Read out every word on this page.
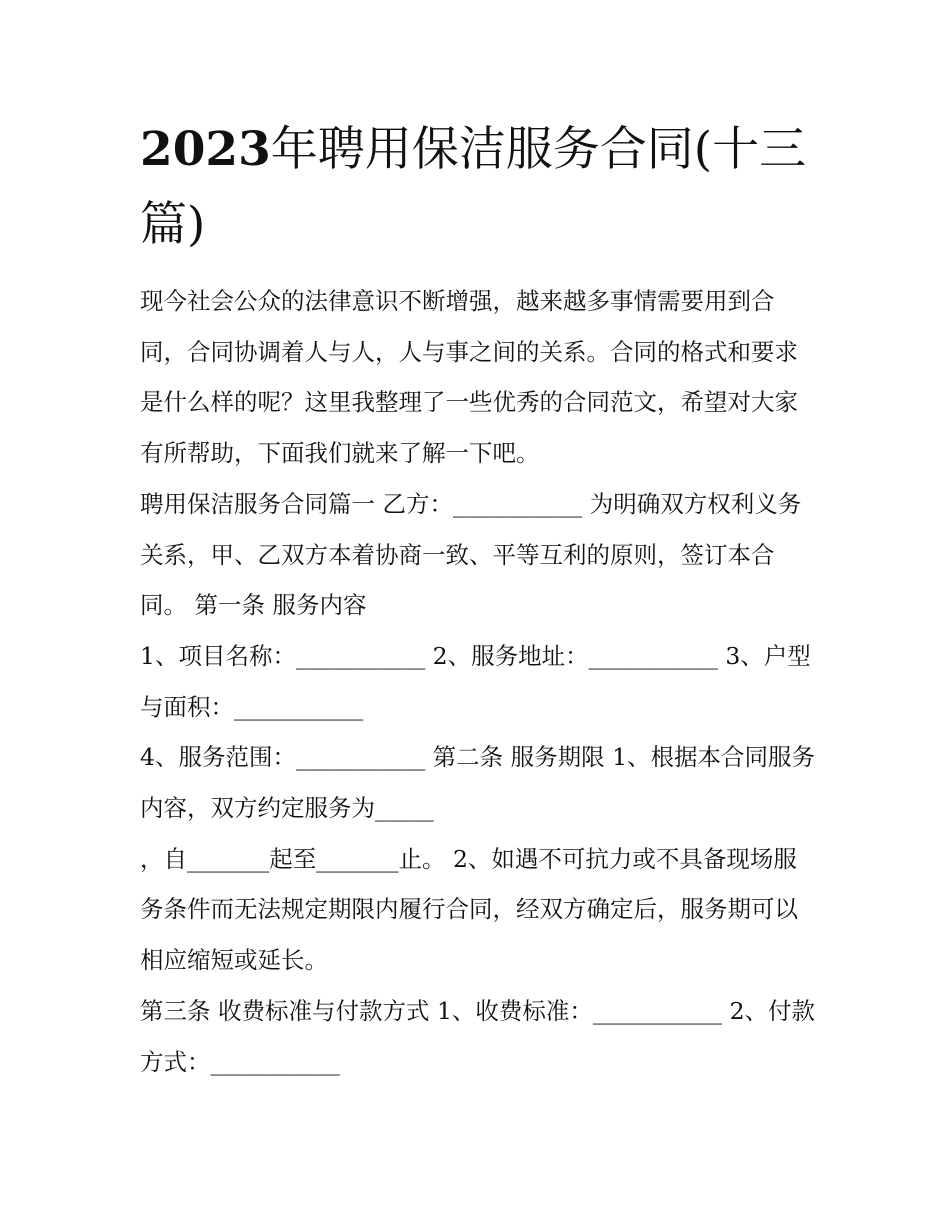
2023年聘用保洁服务合同(十三篇)

现今社会公众的法律意识不断增强，越来越多事情需要用到合同，合同协调着人与人，人与事之间的关系。合同的格式和要求是什么样的呢？这里我整理了一些优秀的合同范文，希望对大家有所帮助，下面我们就来了解一下吧。

聘用保洁服务合同篇一 乙方：___________ 为明确双方权利义务关系，甲、乙双方本着协商一致、平等互利的原则，签订本合同。 第一条 服务内容

1、项目名称：___________ 2、服务地址：___________ 3、户型与面积：___________

4、服务范围：___________ 第二条 服务期限 1、根据本合同服务内容，双方约定服务为_____

，自_______起至_______止。 2、如遇不可抗力或不具备现场服务条件而无法规定期限内履行合同，经双方确定后，服务期可以相应缩短或延长。

第三条 收费标准与付款方式 1、收费标准：___________ 2、付款方式：___________
